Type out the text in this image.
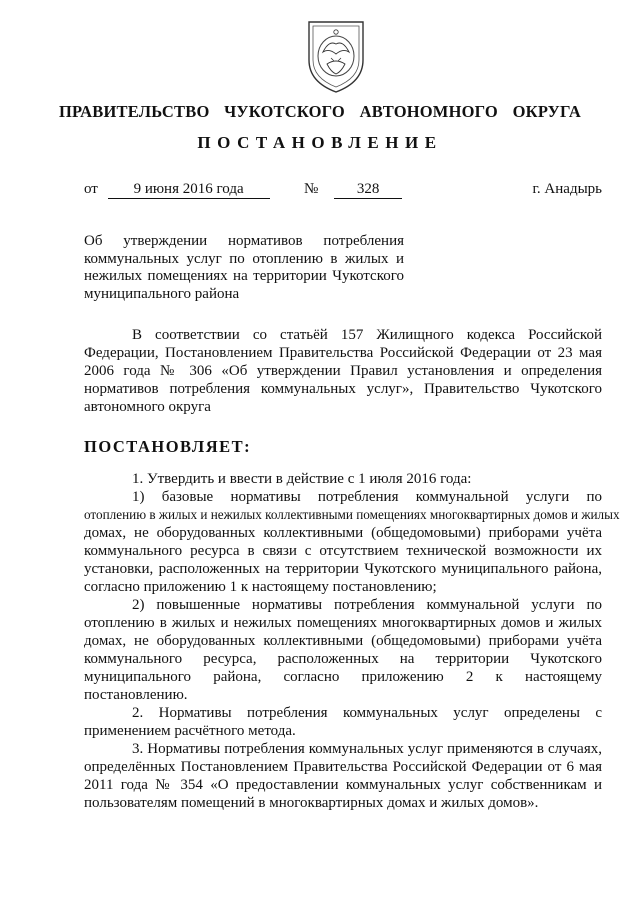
ПРАВИТЕЛЬСТВО  ЧУКОТСКОГО  АВТОНОМНОГО  ОКРУГА
ПОСТАНОВЛЕНИЕ
от 9 июня 2016 года	№	328	г. Анадырь
Об утверждении нормативов потребления
коммунальных услуг по отоплению в жилых и
нежилых помещениях на территории Чукотского
муниципального района
В соответствии со статьёй 157 Жилищного кодекса Российской
Федерации, Постановлением Правительства Российской Федерации от 23 мая
2006 года № 306 «Об утверждении Правил установления и определения
нормативов потребления коммунальных услуг», Правительство Чукотского
автономного округа
ПОСТАНОВЛЯЕТ:
1. Утвердить и ввести в действие с 1 июля 2016 года:
1) базовые нормативы потребления коммунальной услуги по
отоплению в жилых и нежилых коллективными помещениях многоквартирных домов и жилых
домах, не оборудованных коллективными (общедомовыми) приборами учёта
коммунального ресурса в связи с отсутствием технической возможности их
установки, расположенных на территории Чукотского муниципального района,
согласно приложению 1 к настоящему постановлению;
2) повышенные нормативы потребления коммунальной услуги по
отоплению в жилых и нежилых помещениях многоквартирных домов и жилых
домах, не оборудованных коллективными (общедомовыми) приборами учёта
коммунального ресурса, расположенных на территории Чукотского
муниципального района, согласно приложению 2 к настоящему
постановлению.
2. Нормативы потребления коммунальных услуг определены с
применением расчётного метода.
3. Нормативы потребления коммунальных услуг применяются в случаях,
определённых Постановлением Правительства Российской Федерации от 6 мая
2011 года № 354 «О предоставлении коммунальных услуг собственникам и
пользователям помещений в многоквартирных домах и жилых домов».
